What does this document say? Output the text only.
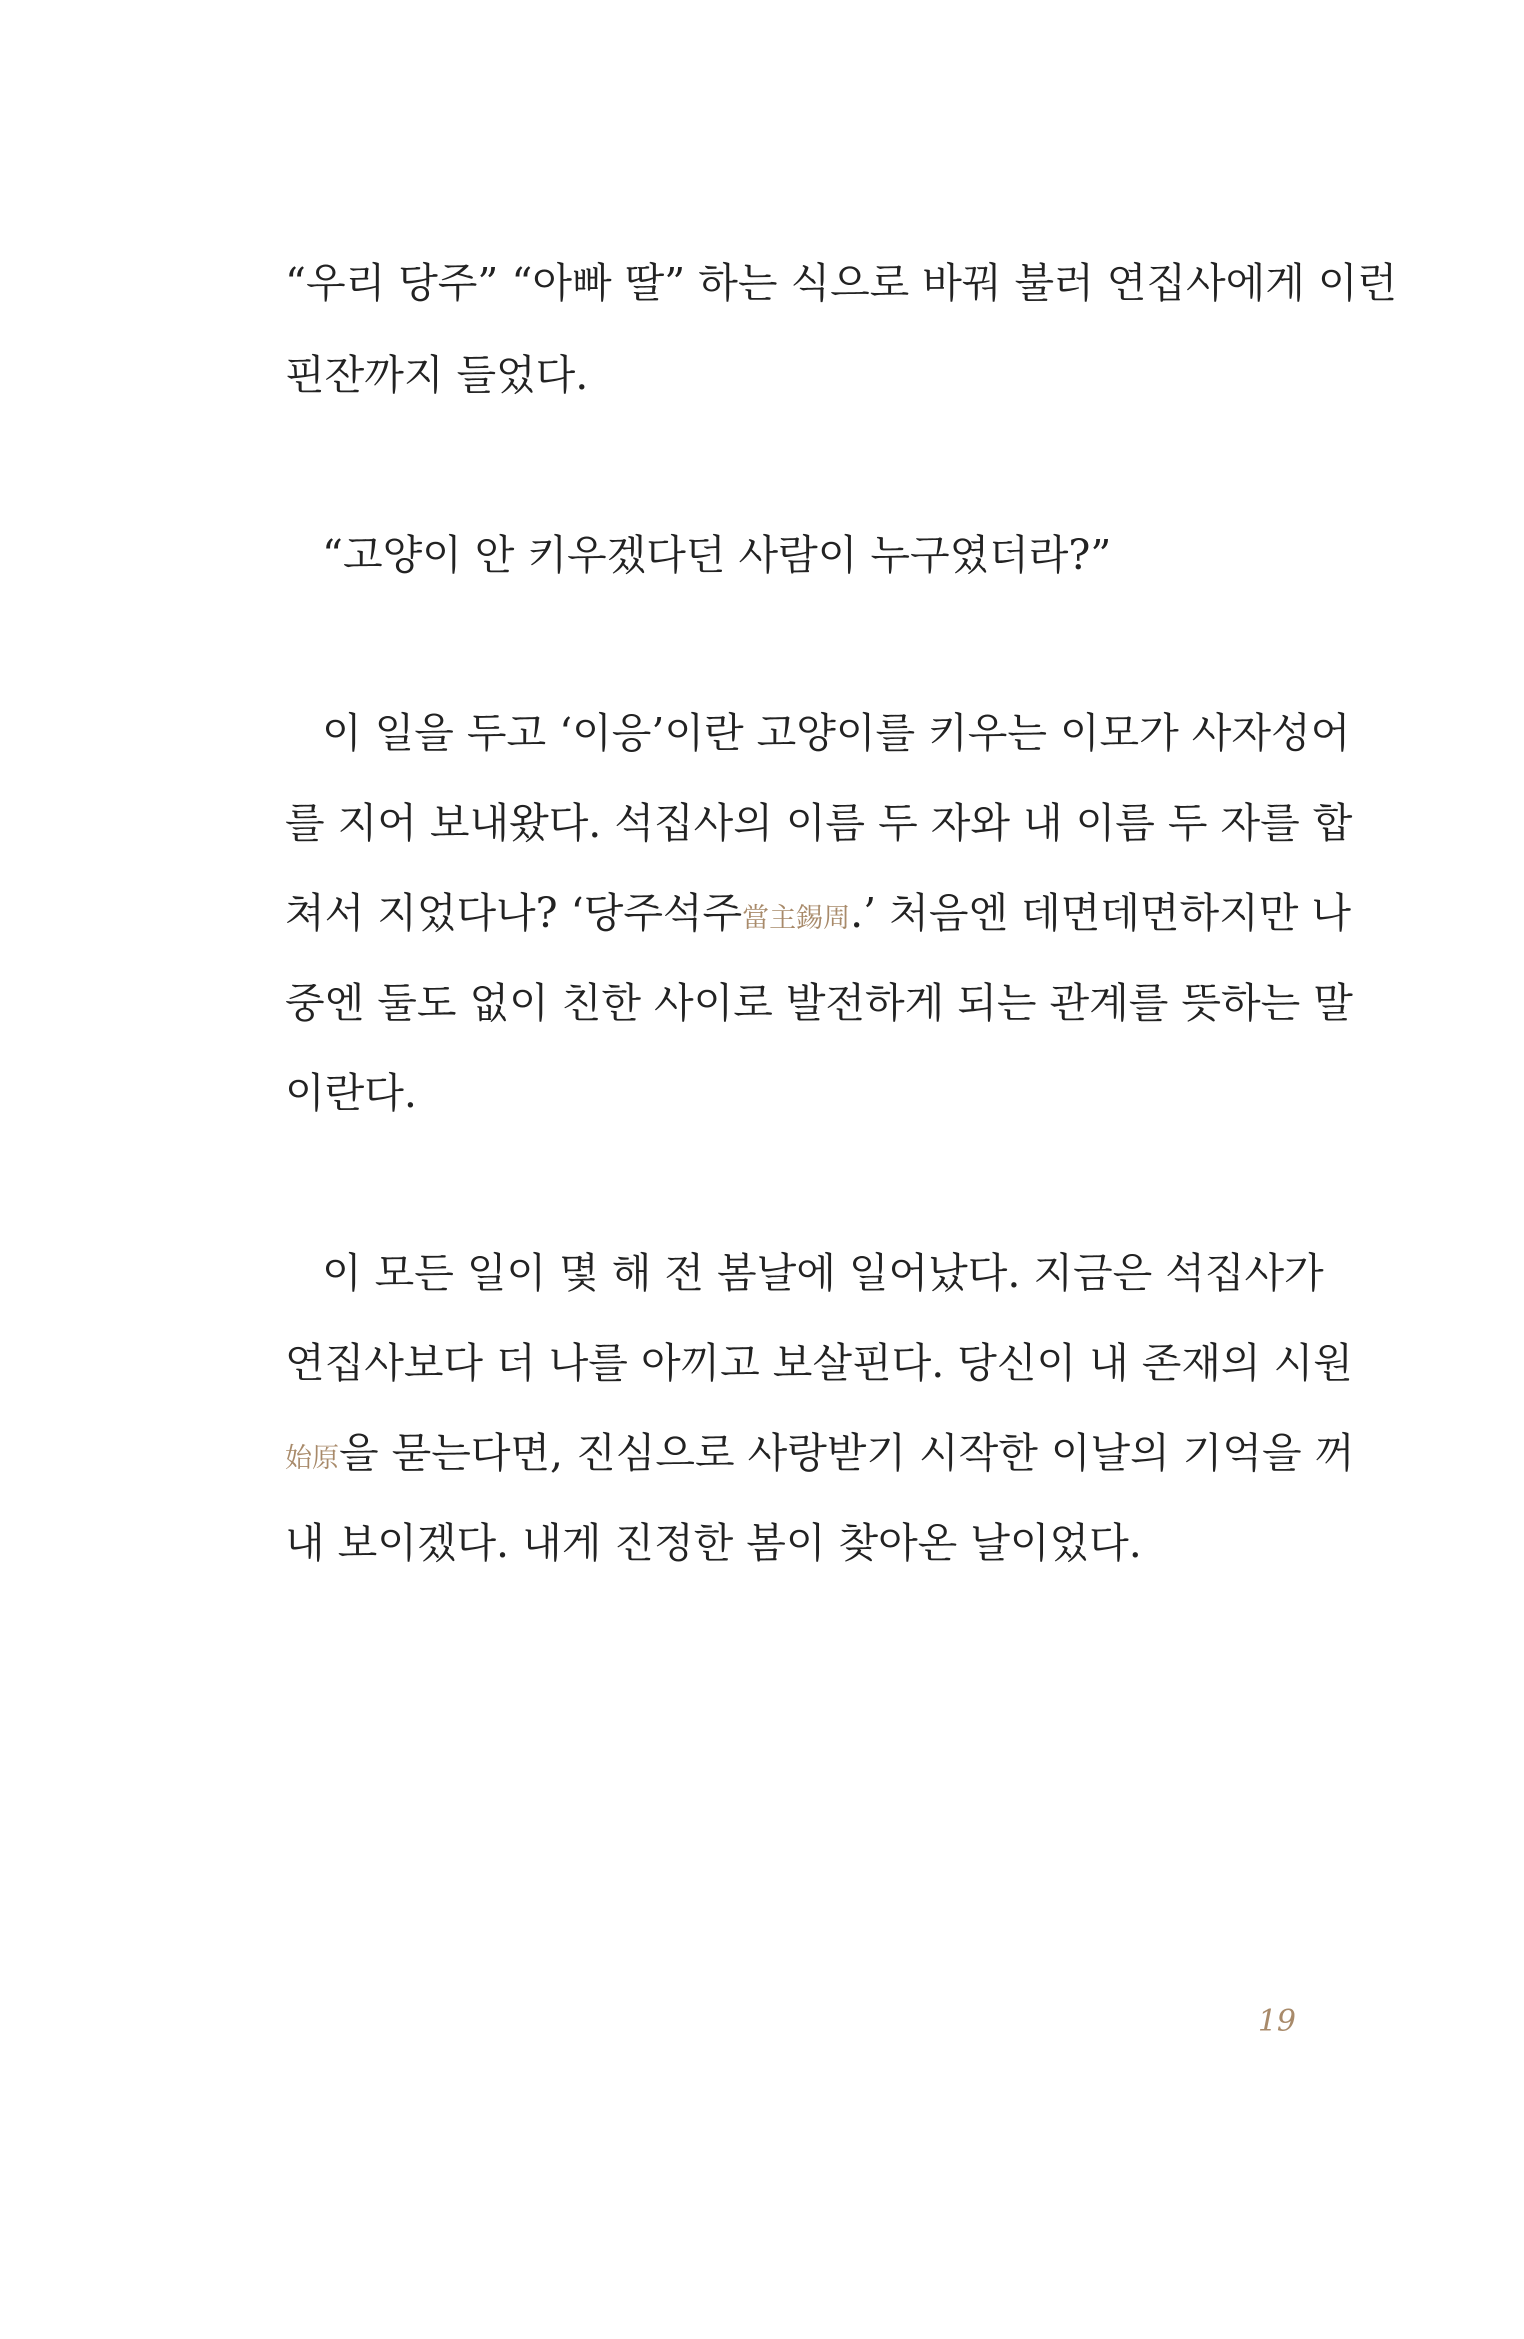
“우리 당주” “아빠 딸” 하는 식으로 바꿔 불러 연집사에게 이런
핀잔까지 들었다.
“고양이 안 키우겠다던 사람이 누구였더라?”
이 일을 두고 ‘이응’이란 고양이를 키우는 이모가 사자성어
를 지어 보내왔다. 석집사의 이름 두 자와 내 이름 두 자를 합
쳐서 지었다나? ‘당주석주當主錫周.’ 처음엔 데면데면하지만 나
중엔 둘도 없이 친한 사이로 발전하게 되는 관계를 뜻하는 말
이란다.
이 모든 일이 몇 해 전 봄날에 일어났다. 지금은 석집사가
연집사보다 더 나를 아끼고 보살핀다. 당신이 내 존재의 시원
始原을 묻는다면, 진심으로 사랑받기 시작한 이날의 기억을 꺼
내 보이겠다. 내게 진정한 봄이 찾아온 날이었다.
19
